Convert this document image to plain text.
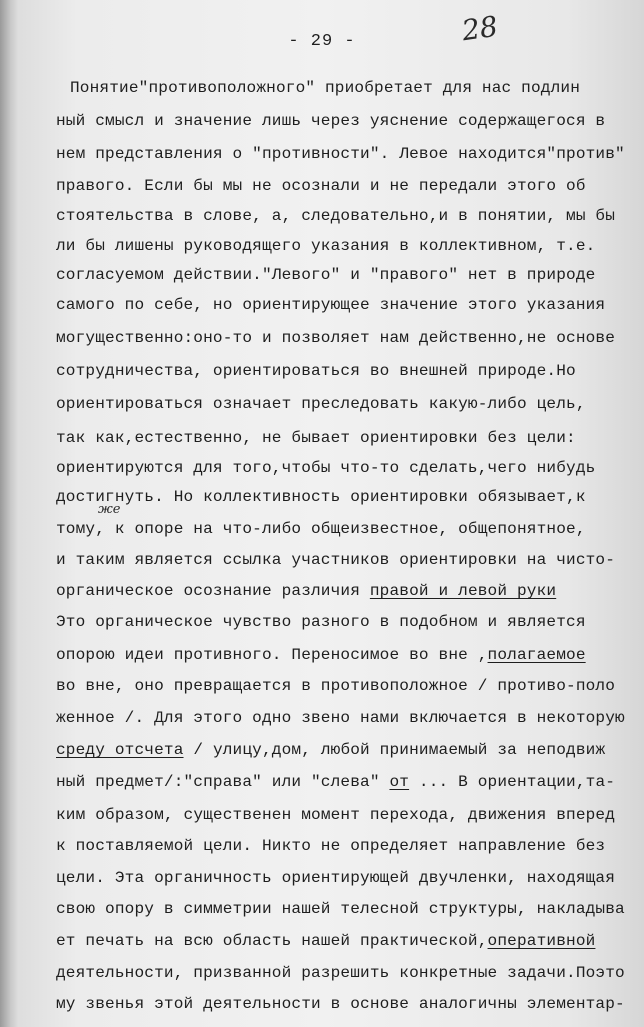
- 29 -	28
Понятие"противоположного" приобретает для нас подлин
ный смысл и значение лишь через уяснение содержащегося в
нем представления о "противности". Левое находится"против"
правого. Если бы мы не осознали и не передали этого об
стоятельства в слове, а, следовательно,и в понятии, мы бы
ли бы лишены руководящего указания в коллективном, т.е.
согласуемом действии."Левого" и "правого" нет в природе
самого по себе, но ориентирующее значение этого указания
могущественно:оно-то и позволяет нам действенно,не основе
сотрудничества, ориентироваться во внешней природе.Но
ориентироваться означает преследовать какую-либо цель,
так как,естественно, не бывает ориентировки без цели:
ориентируются для того,чтобы что-то сделать,чего нибудь
достигнуть. Но коллективность ориентировки обязывает,к
тому, к опоре на что-либо общеизвестное, общепонятное,
и таким является ссылка участников ориентировки на чисто-
органическое осознание различия правой и левой руки
Это органическое чувство разного в подобном и является
опорою идеи противного. Переносимое во вне ,полагаемое
во вне, оно превращается в противоположное / противо-поло
женное /. Для этого одно звено нами включается в некоторую
среду отсчета / улицу,дом, любой принимаемый за неподвиж
ный предмет/:"справа" или "слева" от ... В ориентации,та-
ким образом, существенен момент перехода, движения вперед
к поставляемой цели. Никто не определяет направление без
цели. Эта органичность ориентирующей двучленки, находящая
свою опору в симметрии нашей телесной структуры, накладыва
ет печать на всю область нашей практической,оперативной
деятельности, призванной разрешить конкретные задачи.Поэто
му звенья этой деятельности в основе аналогичны элементар-
же
